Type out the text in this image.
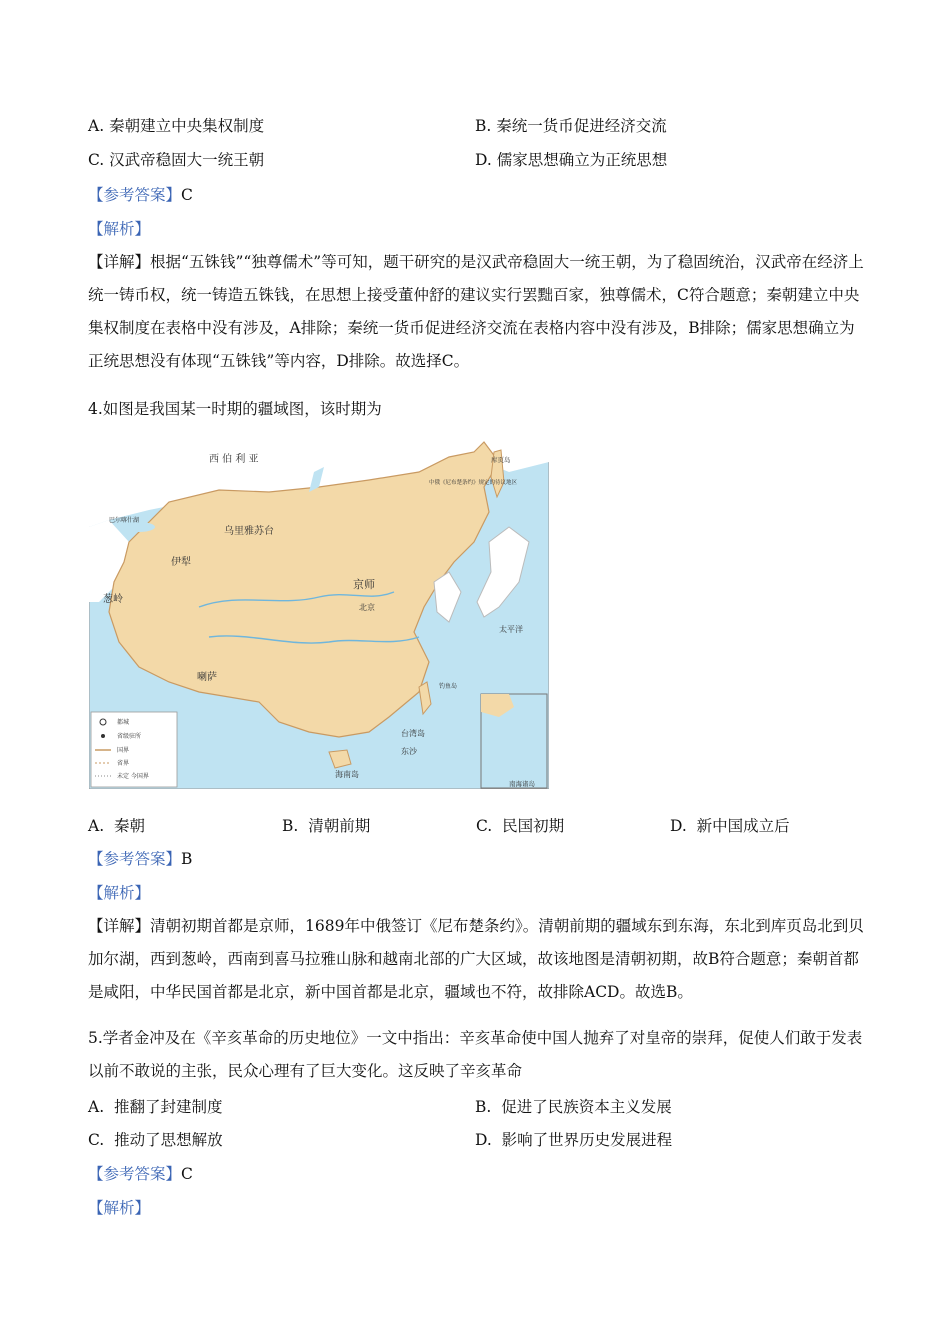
A. 秦朝建立中央集权制度	B. 秦统一货币促进经济交流
C. 汉武帝稳固大一统王朝	D. 儒家思想确立为正统思想
【参考答案】C
【解析】
【详解】根据“五铢钱”“独尊儒术”等可知，题干研究的是汉武帝稳固大一统王朝，为了稳固统治，汉武帝在经济上统一铸币权，统一铸造五铢钱，在思想上接受董仲舒的建议实行罢黜百家，独尊儒术，C符合题意；秦朝建立中央集权制度在表格中没有涉及，A排除；秦统一货币促进经济交流在表格内容中没有涉及，B排除；儒家思想确立为正统思想没有体现“五铢钱”等内容，D排除。故选择C。
4.如图是我国某一时期的疆域图，该时期为
西 伯 利 亚
乌里雅苏台
伊犁
葱岭
喇萨
京师
北京
台湾岛
海南岛
东沙
南海诸岛
中俄《尼布楚条约》规定的待议地区
库页岛
巴尔喀什湖
钓鱼岛
太平洋
都城
省级驻所
国界
省界
未定 今国界
A. 秦朝	B. 清朝前期	C. 民国初期	D. 新中国成立后
【参考答案】B
【解析】
【详解】清朝初期首都是京师，1689年中俄签订《尼布楚条约》。清朝前期的疆域东到东海，东北到库页岛北到贝加尔湖，西到葱岭，西南到喜马拉雅山脉和越南北部的广大区域，故该地图是清朝初期，故B符合题意；秦朝首都是咸阳，中华民国首都是北京，新中国首都是北京，疆域也不符，故排除ACD。故选B。
5.学者金冲及在《辛亥革命的历史地位》一文中指出：辛亥革命使中国人抛弃了对皇帝的崇拜，促使人们敢于发表以前不敢说的主张，民众心理有了巨大变化。这反映了辛亥革命
A. 推翻了封建制度	B. 促进了民族资本主义发展
C. 推动了思想解放	D. 影响了世界历史发展进程
【参考答案】C
【解析】
